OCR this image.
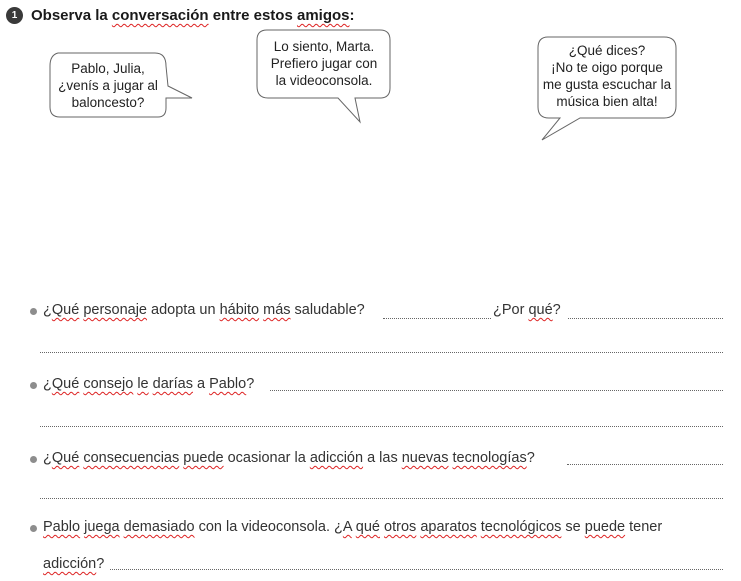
1 Observa la conversación entre estos amigos:
Pablo, Julia,
¿venís a jugar al
baloncesto?
Lo siento, Marta.
Prefiero jugar con
la videoconsola.
¿Qué dices?
¡No te oigo porque
me gusta escuchar la
música bien alta!
¿Qué personaje adopta un hábito más saludable?	¿Por qué?
¿Qué consejo le darías a Pablo?
¿Qué consecuencias puede ocasionar la adicción a las nuevas tecnologías?
Pablo juega demasiado con la videoconsola. ¿A qué otros aparatos tecnológicos se puede tener
adicción?
